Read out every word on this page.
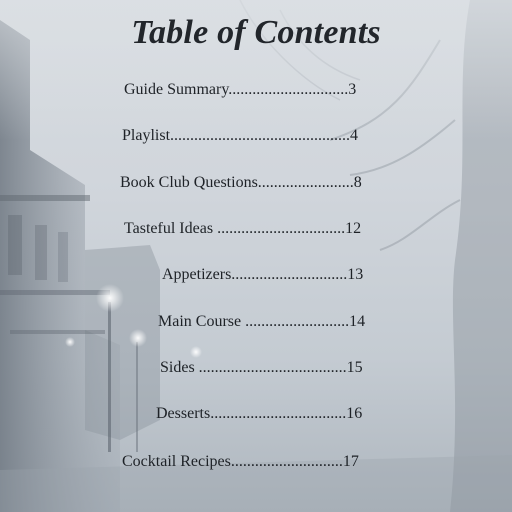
Table of Contents
Guide Summary..............................3
Playlist.............................................4
Book Club Questions........................8
Tasteful Ideas ................................12
Appetizers.............................13
Main Course ..........................14
Sides .....................................15
Desserts..................................16
Cocktail Recipes............................17
